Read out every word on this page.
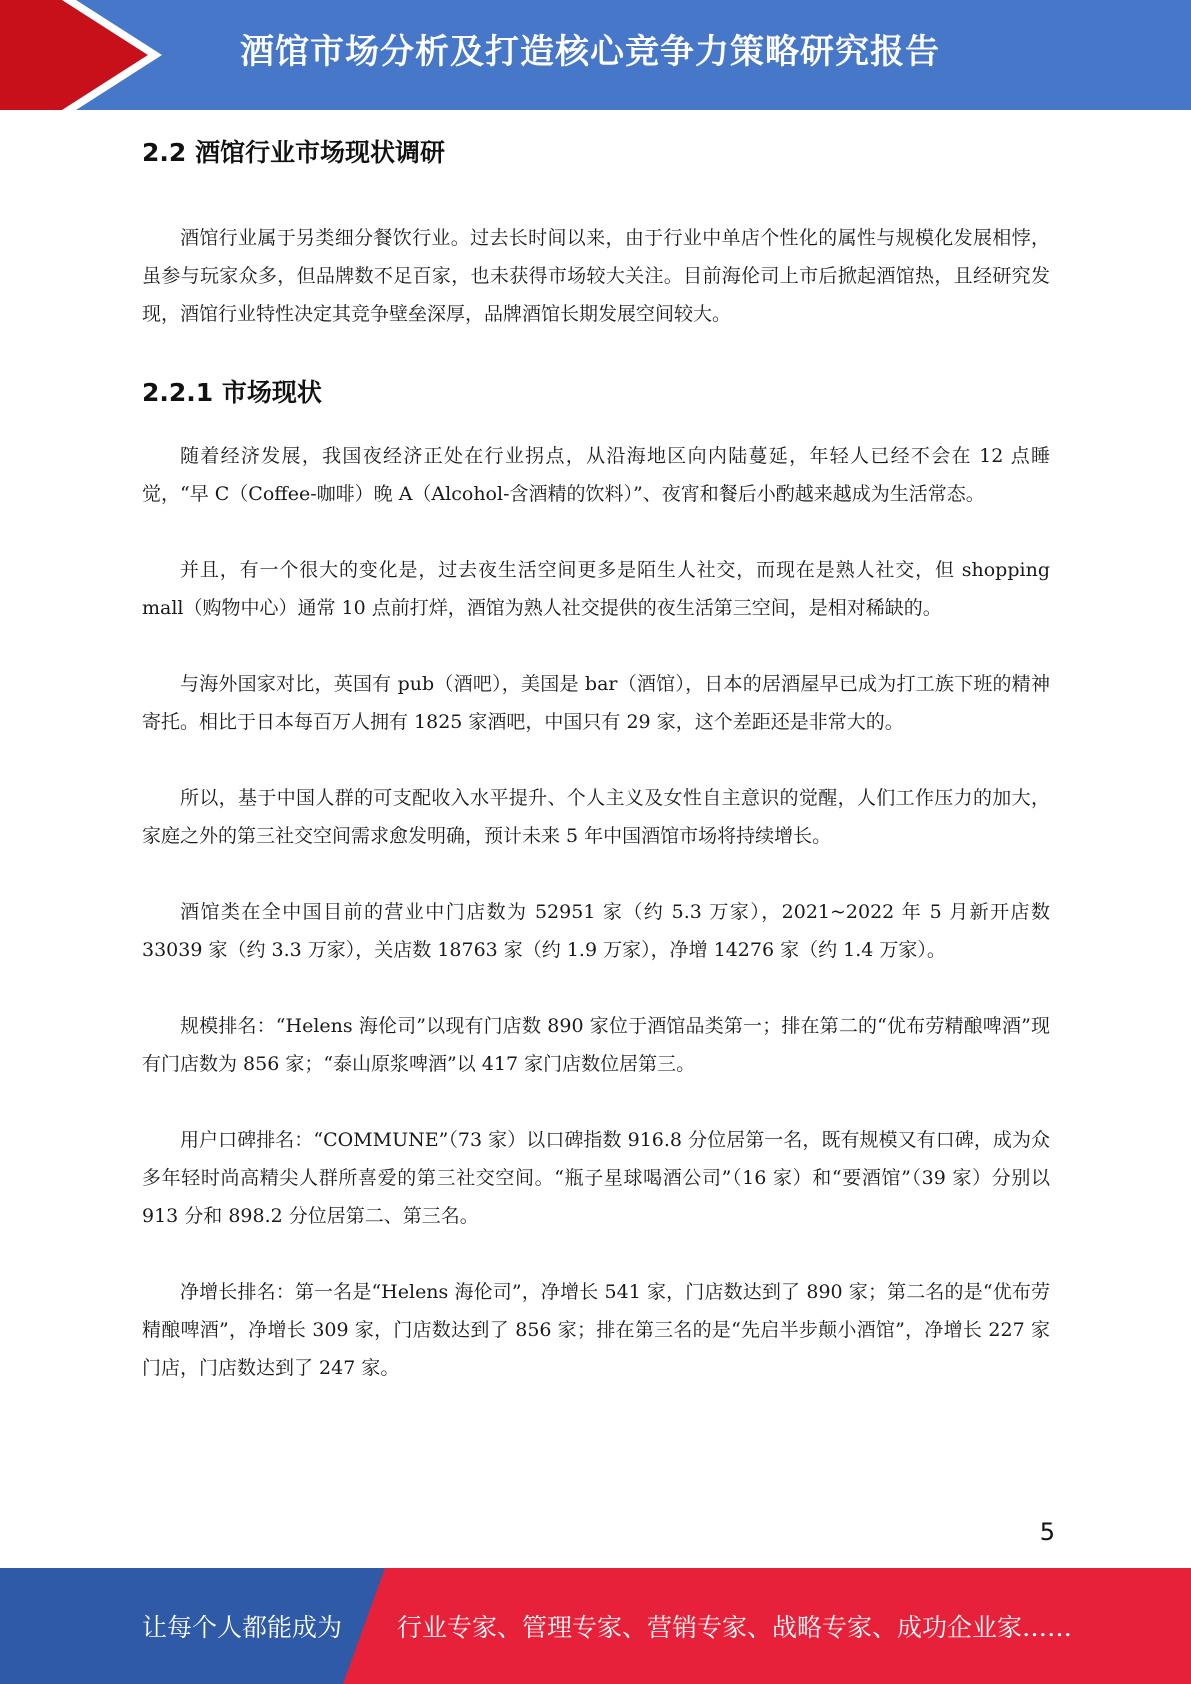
酒馆市场分析及打造核心竞争力策略研究报告
2.2 酒馆行业市场现状调研

酒馆行业属于另类细分餐饮行业。过去长时间以来，由于行业中单店个性化的属性与规模化发展相悖，虽参与玩家众多，但品牌数不足百家，也未获得市场较大关注。目前海伦司上市后掀起酒馆热，且经研究发现，酒馆行业特性决定其竞争壁垒深厚，品牌酒馆长期发展空间较大。

2.2.1 市场现状

随着经济发展，我国夜经济正处在行业拐点，从沿海地区向内陆蔓延，年轻人已经不会在 12 点睡觉，“早 C（Coffee-咖啡）晚 A（Alcohol-含酒精的饮料）”、夜宵和餐后小酌越来越成为生活常态。

并且，有一个很大的变化是，过去夜生活空间更多是陌生人社交，而现在是熟人社交，但 shopping mall（购物中心）通常 10 点前打烊，酒馆为熟人社交提供的夜生活第三空间，是相对稀缺的。

与海外国家对比，英国有 pub（酒吧），美国是 bar（酒馆），日本的居酒屋早已成为打工族下班的精神寄托。相比于日本每百万人拥有 1825 家酒吧，中国只有 29 家，这个差距还是非常大的。

所以，基于中国人群的可支配收入水平提升、个人主义及女性自主意识的觉醒，人们工作压力的加大，家庭之外的第三社交空间需求愈发明确，预计未来 5 年中国酒馆市场将持续增长。

酒馆类在全中国目前的营业中门店数为 52951 家（约 5.3 万家），2021~2022 年 5 月新开店数 33039 家（约 3.3 万家），关店数 18763 家（约 1.9 万家），净增 14276 家（约 1.4 万家）。

规模排名：“Helens 海伦司”以现有门店数 890 家位于酒馆品类第一；排在第二的“优布劳精酿啤酒”现有门店数为 856 家；“泰山原浆啤酒”以 417 家门店数位居第三。

用户口碑排名：“COMMUNE”（73 家）以口碑指数 916.8 分位居第一名，既有规模又有口碑，成为众多年轻时尚高精尖人群所喜爱的第三社交空间。“瓶子星球喝酒公司”（16 家）和“要酒馆”（39 家）分别以 913 分和 898.2 分位居第二、第三名。

净增长排名：第一名是“Helens 海伦司”，净增长 541 家，门店数达到了 890 家；第二名的是“优布劳精酿啤酒”，净增长 309 家，门店数达到了 856 家；排在第三名的是“先启半步颠小酒馆”，净增长 227 家门店，门店数达到了 247 家。

5
让每个人都能成为 行业专家、管理专家、营销专家、战略专家、成功企业家……
